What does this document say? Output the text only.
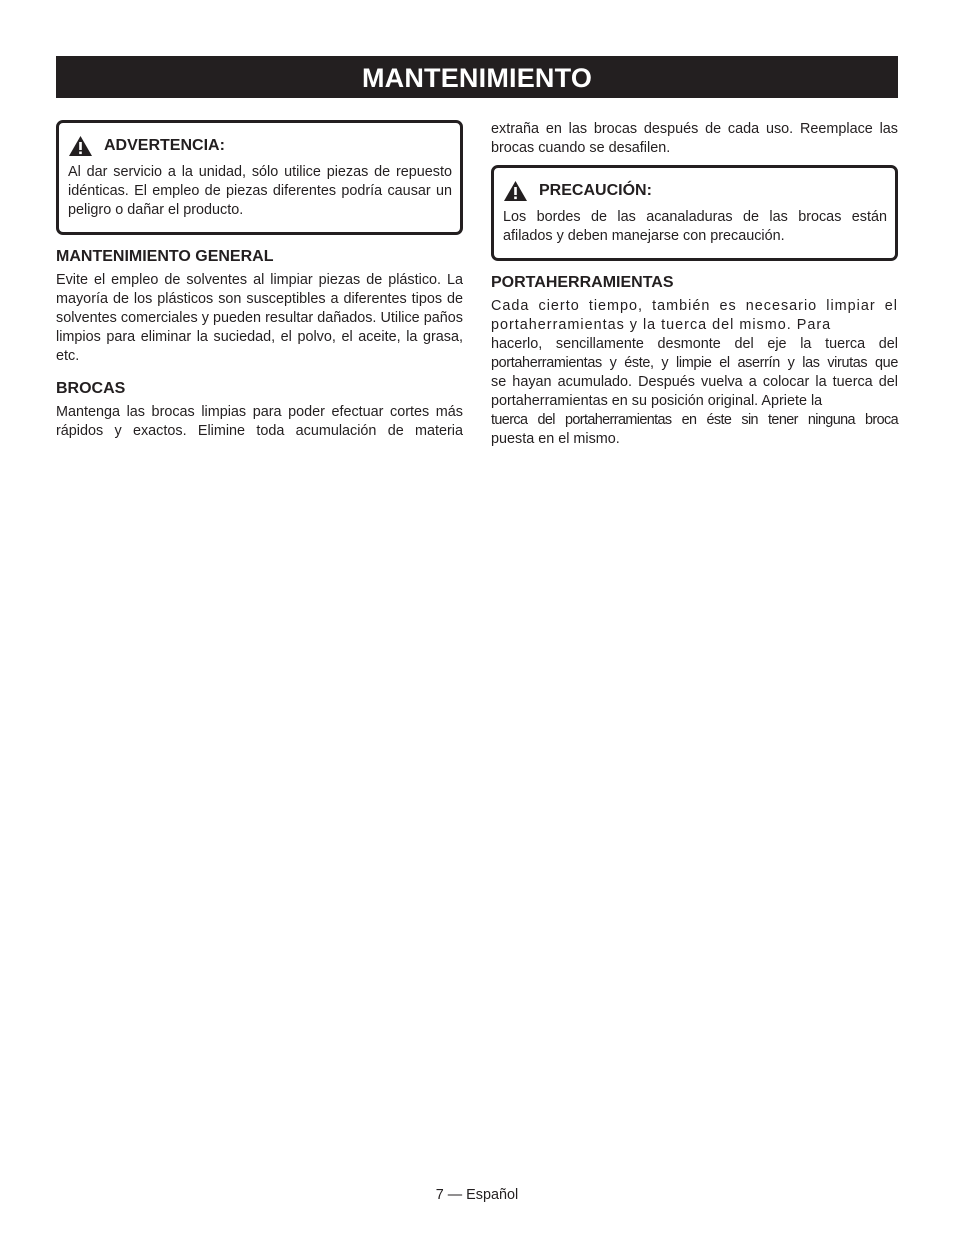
MANTENIMIENTO
ADVERTENCIA:

Al dar servicio a la unidad, sólo utilice piezas de repuesto idénticas. El empleo de piezas diferentes podría causar un peligro o dañar el producto.

MANTENIMIENTO GENERAL

Evite el empleo de solventes al limpiar piezas de plástico. La mayoría de los plásticos son susceptibles a diferentes tipos de solventes comerciales y pueden resultar dañados. Utilice paños limpios para eliminar la suciedad, el polvo, el aceite, la grasa, etc.

BROCAS

Mantenga las brocas limpias para poder efectuar cortes más rápidos y exactos. Elimine toda acumulación de materia

extraña en las brocas después de cada uso. Reemplace las brocas cuando se desafilen.

PRECAUCIÓN:

Los bordes de las acanaladuras de las brocas están afilados y deben manejarse con precaución.

PORTAHERRAMIENTAS

Cada cierto tiempo, también es necesario limpiar el portaherramientas y la tuerca del mismo. Para

hacerlo, sencillamente desmonte del eje la tuerca del

portaherramientas y éste, y limpie el aserrín y las virutas que

se hayan acumulado. Después vuelva a colocar la tuerca del portaherramientas en su posición original. Apriete la

tuerca del portaherramientas en éste sin tener ninguna broca

puesta en el mismo.

7 — Español
